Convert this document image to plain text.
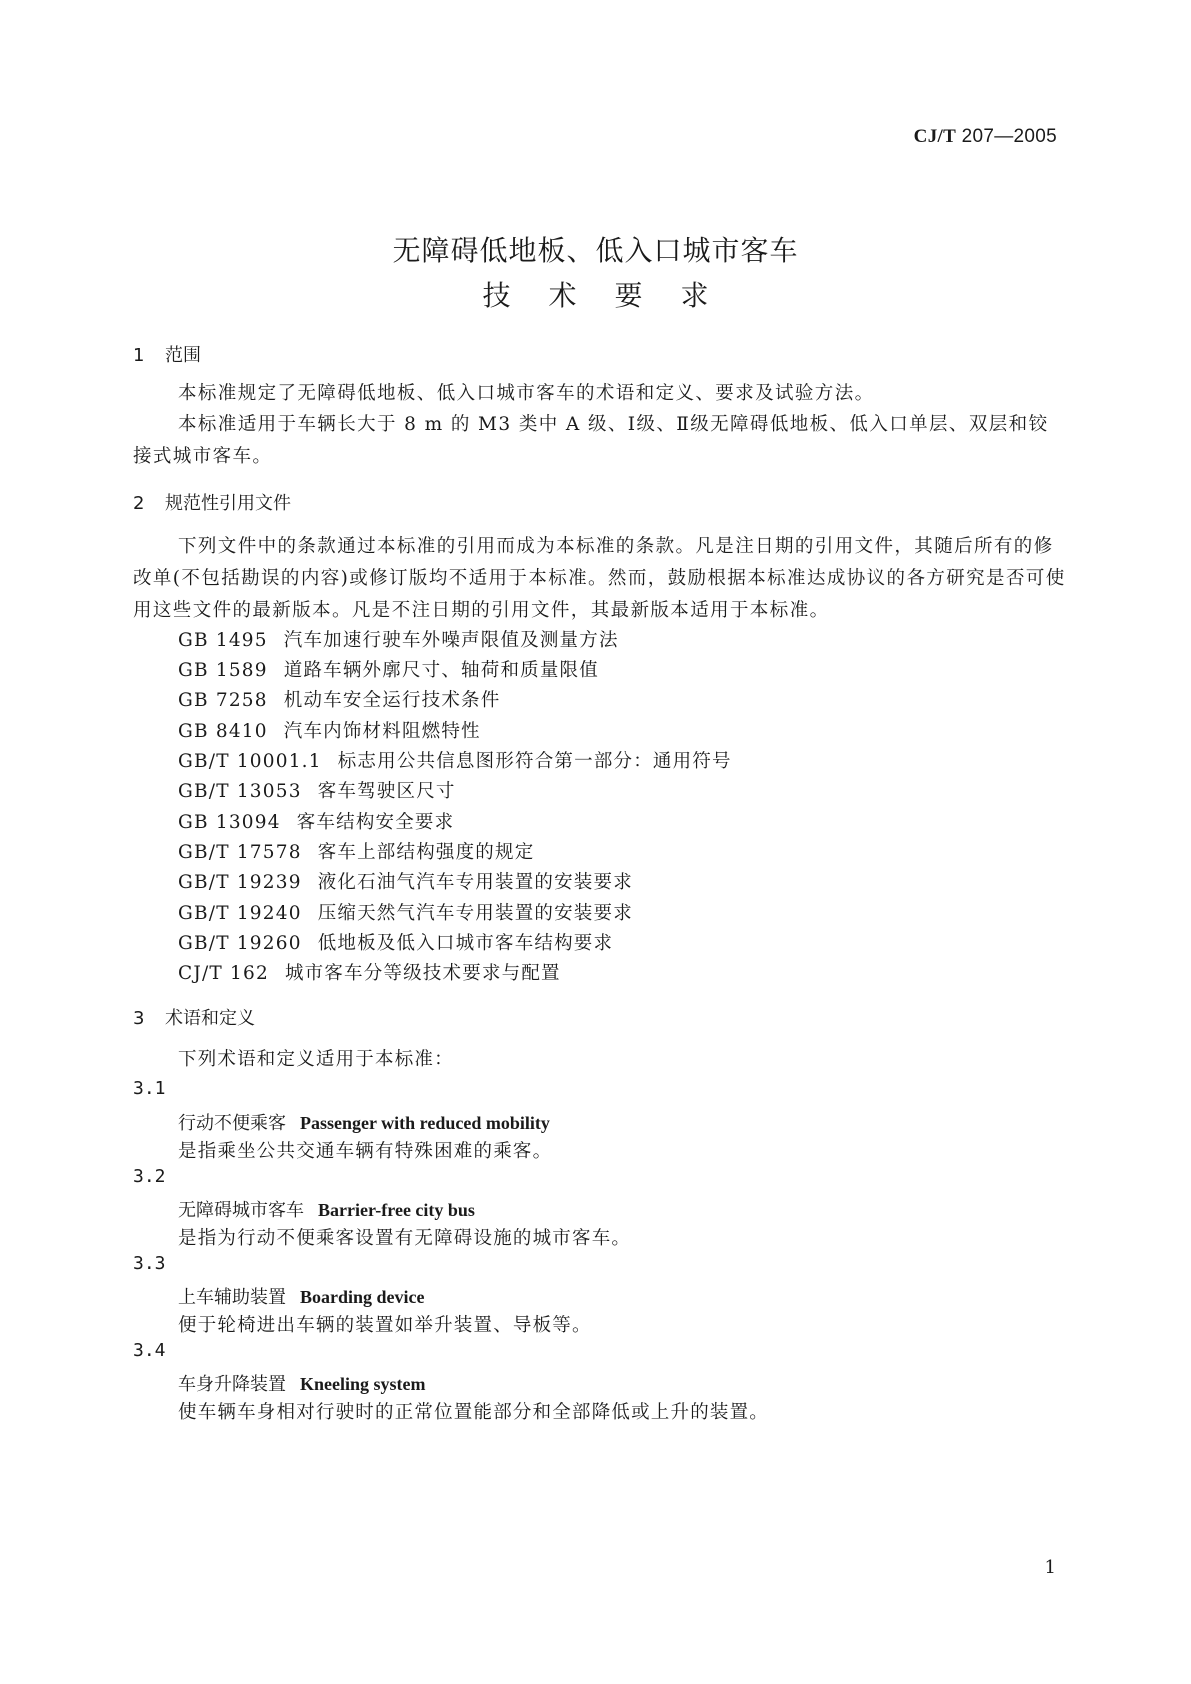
CJ/T 207—2005
无障碍低地板、低入口城市客车
技术要求
1 范围
本标准规定了无障碍低地板、低入口城市客车的术语和定义、要求及试验方法。
本标准适用于车辆长大于 8 m 的 M3 类中 A 级、Ⅰ级、Ⅱ级无障碍低地板、低入口单层、双层和铰接式城市客车。
2 规范性引用文件
下列文件中的条款通过本标准的引用而成为本标准的条款。凡是注日期的引用文件，其随后所有的修改单(不包括勘误的内容)或修订版均不适用于本标准。然而，鼓励根据本标准达成协议的各方研究是否可使用这些文件的最新版本。凡是不注日期的引用文件，其最新版本适用于本标准。
GB 1495 汽车加速行驶车外噪声限值及测量方法
GB 1589 道路车辆外廓尺寸、轴荷和质量限值
GB 7258 机动车安全运行技术条件
GB 8410 汽车内饰材料阻燃特性
GB/T 10001.1 标志用公共信息图形符合第一部分：通用符号
GB/T 13053 客车驾驶区尺寸
GB 13094 客车结构安全要求
GB/T 17578 客车上部结构强度的规定
GB/T 19239 液化石油气汽车专用装置的安装要求
GB/T 19240 压缩天然气汽车专用装置的安装要求
GB/T 19260 低地板及低入口城市客车结构要求
CJ/T 162 城市客车分等级技术要求与配置
3 术语和定义
下列术语和定义适用于本标准：
3.1
行动不便乘客 Passenger with reduced mobility
是指乘坐公共交通车辆有特殊困难的乘客。
3.2
无障碍城市客车 Barrier-free city bus
是指为行动不便乘客设置有无障碍设施的城市客车。
3.3
上车辅助装置 Boarding device
便于轮椅进出车辆的装置如举升装置、导板等。
3.4
车身升降装置 Kneeling system
使车辆车身相对行驶时的正常位置能部分和全部降低或上升的装置。
1
